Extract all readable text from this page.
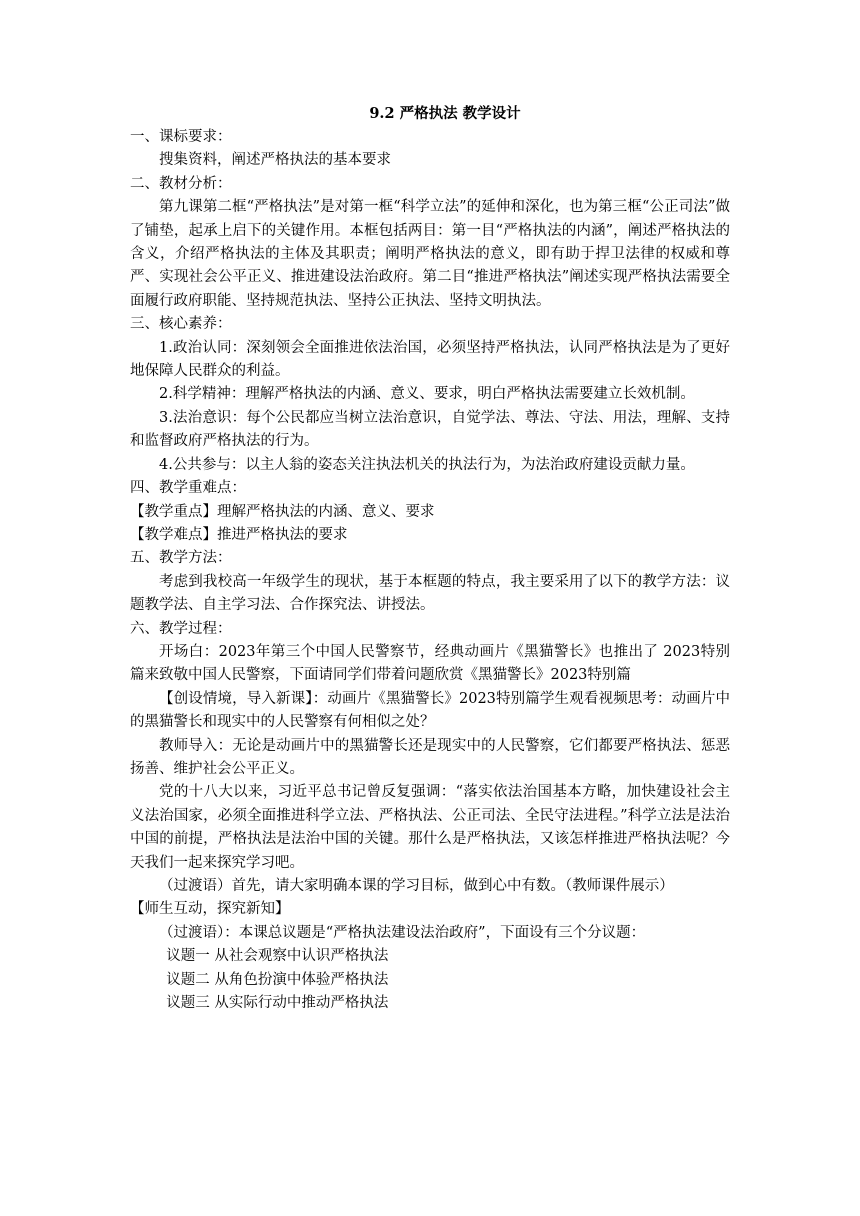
9.2 严格执法 教学设计
一、课标要求：
搜集资料，阐述严格执法的基本要求
二、教材分析：
第九课第二框“严格执法”是对第一框“科学立法”的延伸和深化，也为第三框“公正司法”做了铺垫，起承上启下的关键作用。本框包括两目：第一目“严格执法的内涵”，阐述严格执法的含义，介绍严格执法的主体及其职责；阐明严格执法的意义，即有助于捍卫法律的权威和尊严、实现社会公平正义、推进建设法治政府。第二目“推进严格执法”阐述实现严格执法需要全面履行政府职能、坚持规范执法、坚持公正执法、坚持文明执法。
三、核心素养：
1.政治认同：深刻领会全面推进依法治国，必须坚持严格执法，认同严格执法是为了更好地保障人民群众的利益。
2.科学精神：理解严格执法的内涵、意义、要求，明白严格执法需要建立长效机制。
3.法治意识：每个公民都应当树立法治意识，自觉学法、尊法、守法、用法，理解、支持和监督政府严格执法的行为。
4.公共参与：以主人翁的姿态关注执法机关的执法行为，为法治政府建设贡献力量。
四、教学重难点：
【教学重点】理解严格执法的内涵、意义、要求
【教学难点】推进严格执法的要求
五、教学方法：
考虑到我校高一年级学生的现状，基于本框题的特点，我主要采用了以下的教学方法：议题教学法、自主学习法、合作探究法、讲授法。
六、教学过程：
开场白：2023年第三个中国人民警察节，经典动画片《黑猫警长》也推出了 2023特别篇来致敬中国人民警察，下面请同学们带着问题欣赏《黑猫警长》2023特别篇
【创设情境，导入新课】：动画片《黑猫警长》2023特别篇学生观看视频思考：动画片中的黑猫警长和现实中的人民警察有何相似之处？
教师导入：无论是动画片中的黑猫警长还是现实中的人民警察，它们都要严格执法、惩恶扬善、维护社会公平正义。
党的十八大以来，习近平总书记曾反复强调：“落实依法治国基本方略，加快建设社会主义法治国家，必须全面推进科学立法、严格执法、公正司法、全民守法进程。”科学立法是法治中国的前提，严格执法是法治中国的关键。那什么是严格执法，又该怎样推进严格执法呢？今天我们一起来探究学习吧。
（过渡语）首先，请大家明确本课的学习目标，做到心中有数。（教师课件展示）
【师生互动，探究新知】
（过渡语）：本课总议题是“严格执法建设法治政府”，下面设有三个分议题：
议题一 从社会观察中认识严格执法
议题二 从角色扮演中体验严格执法
议题三 从实际行动中推动严格执法
